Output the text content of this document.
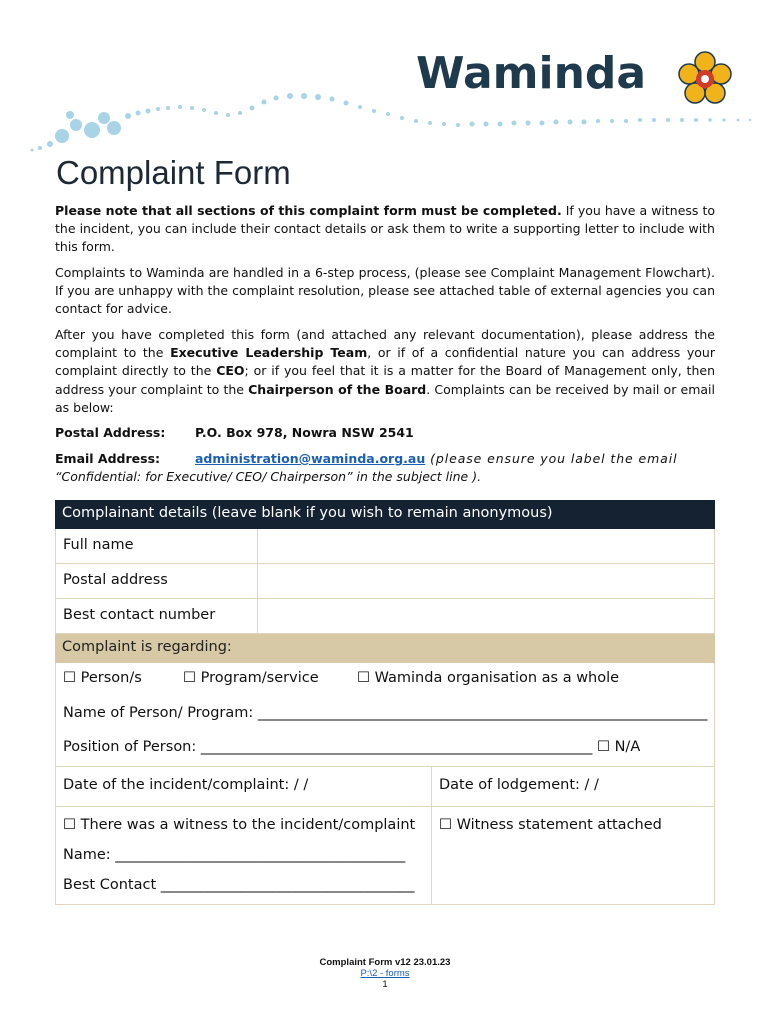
Waminda
Complaint Form

Please note that all sections of this complaint form must be completed. If you have a witness to the incident, you can include their contact details or ask them to write a supporting letter to include with this form.

Complaints to Waminda are handled in a 6-step process, (please see Complaint Management Flowchart). If you are unhappy with the complaint resolution, please see attached table of external agencies you can contact for advice.

After you have completed this form (and attached any relevant documentation), please address the complaint to the Executive Leadership Team, or if of a confidential nature you can address your complaint directly to the CEO; or if you feel that it is a matter for the Board of Management only, then address your complaint to the Chairperson of the Board. Complaints can be received by mail or email as below:

Postal Address: P.O. Box 978, Nowra NSW 2541
Email Address:	administration@waminda.org.au (please ensure you label the email
“Confidential: for Executive/ CEO/ Chairperson” in the subject line ).
Complainant details (leave blank if you wish to remain anonymous)
Full name
Postal address
Best contact number
Complaint is regarding:
☐ Person/s	☐ Program/service	☐ Waminda organisation as a whole
Name of Person/ Program: ______________________________________________________________
Position of Person: ______________________________________________________ ☐ N/A
Date of the incident/complaint: / /	Date of lodgement: / /
☐ There was a witness to the incident/complaint ☐ Witness statement attached
Name: ________________________________________
Best Contact ___________________________________
Complaint Form v12 23.01.23
P:\2 - forms
1
